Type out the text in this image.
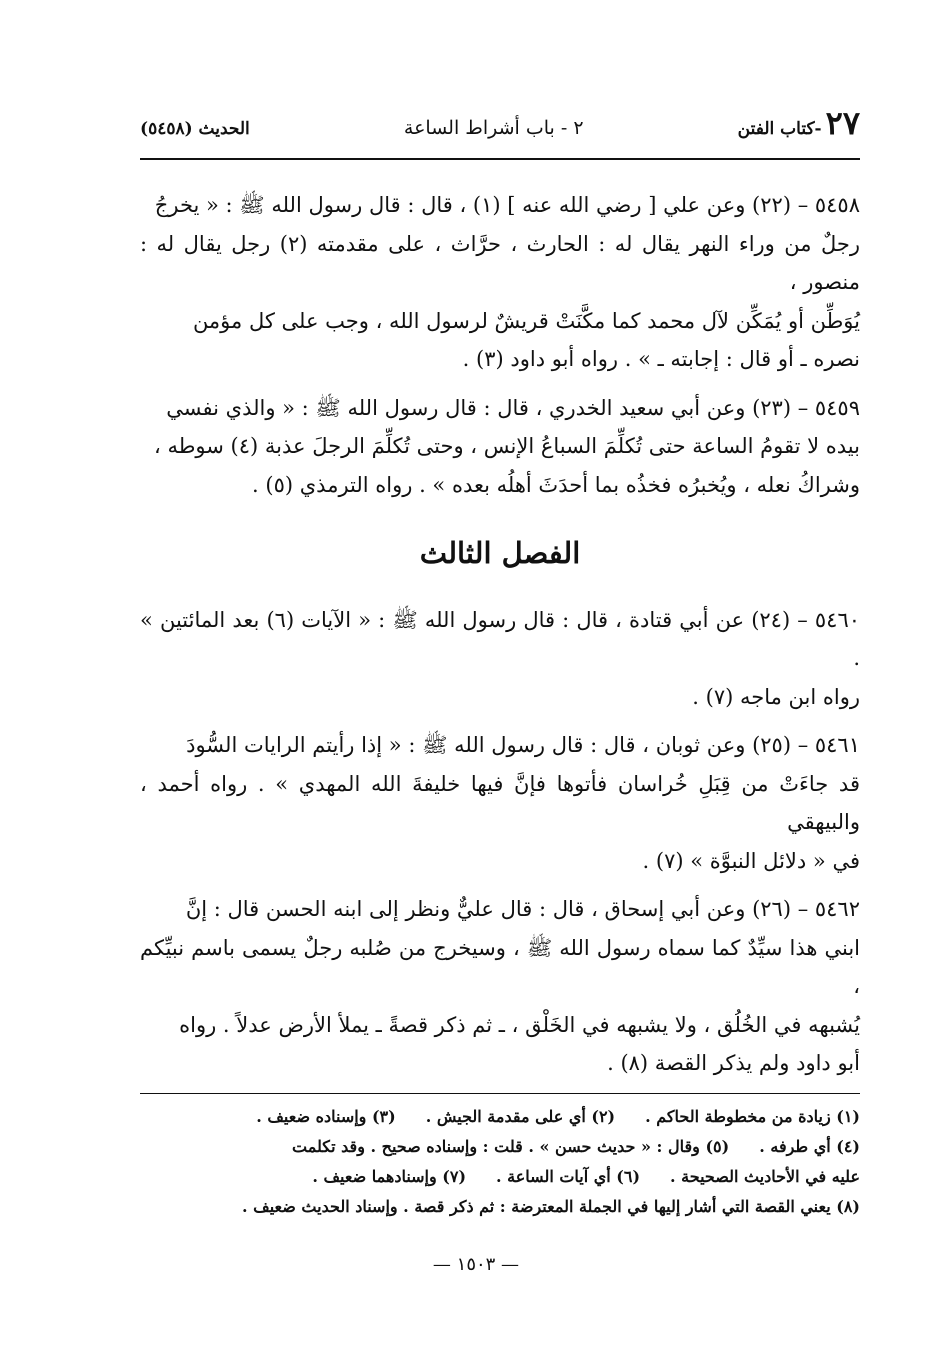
٢٧
-كتاب الفتن
٢ - باب أشراط الساعة
الحديث (٥٤٥٨)

٥٤٥٨ – (٢٢) وعن علي [ رضي الله عنه ] (١) ، قال : قال رسول الله ﷺ : « يخرجُ

رجلٌ من وراء النهر يقال له : الحارث ، حرَّاث ، على مقدمته (٢) رجل يقال له : منصور ،

يُوَطِّن أو يُمَكِّن لآل محمد كما مكَّنَتْ قريشٌ لرسول الله ، وجب على كل مؤمن

نصره ـ أو قال : إجابته ـ » . رواه أبو داود (٣) .

٥٤٥٩ – (٢٣) وعن أبي سعيد الخدري ، قال : قال رسول الله ﷺ : « والذي نفسي

بيده لا تقومُ الساعة حتى تُكلِّمَ السباعُ الإنس ، وحتى تُكلِّمَ الرجلَ عذبة (٤) سوطه ،

وشراكُ نعله ، ويُخبرُه فخذُه بما أحدَثَ أهلُه بعده » . رواه الترمذي (٥) .

الفصل الثالث

٥٤٦٠ – (٢٤) عن أبي قتادة ، قال : قال رسول الله ﷺ : « الآيات (٦) بعد المائتين » .

رواه ابن ماجه (٧) .

٥٤٦١ – (٢٥) وعن ثوبان ، قال : قال رسول الله ﷺ : « إذا رأيتم الرايات السُّودَ

قد جاءَتْ من قِبَلِ خُراسان فأتوها فإنَّ فيها خليفةَ الله المهدي » . رواه أحمد ، والبيهقي

في « دلائل النبوَّة » (٧) .

٥٤٦٢ – (٢٦) وعن أبي إسحاق ، قال : قال عليٌّ ونظر إلى ابنه الحسن قال : إنَّ

ابني هذا سيِّدٌ كما سماه رسول الله ﷺ ، وسيخرج من صُلبه رجلٌ يسمى باسم نبيِّكم ،

يُشبهه في الخُلُق ، ولا يشبهه في الخَلْق ، ـ ثم ذكر قصةً ـ يملأ الأرض عدلاً . رواه

أبو داود ولم يذكر القصة (٨) .

(١) زيادة من مخطوطة الحاكم .
(٢) أي على مقدمة الجيش .
(٣) وإسناده ضعيف .
(٤) أي طرفه .
(٥) وقال : « حديث حسن » . قلت : وإسناده صحيح . وقد تكلمت
عليه في الأحاديث الصحيحة .
(٦) أي آيات الساعة .
(٧) وإسنادهما ضعيف .
(٨) يعني القصة التي أشار إليها في الجملة المعترضة : ثم ذكر قصة . وإسناد الحديث ضعيف .
— ١٥٠٣ —
